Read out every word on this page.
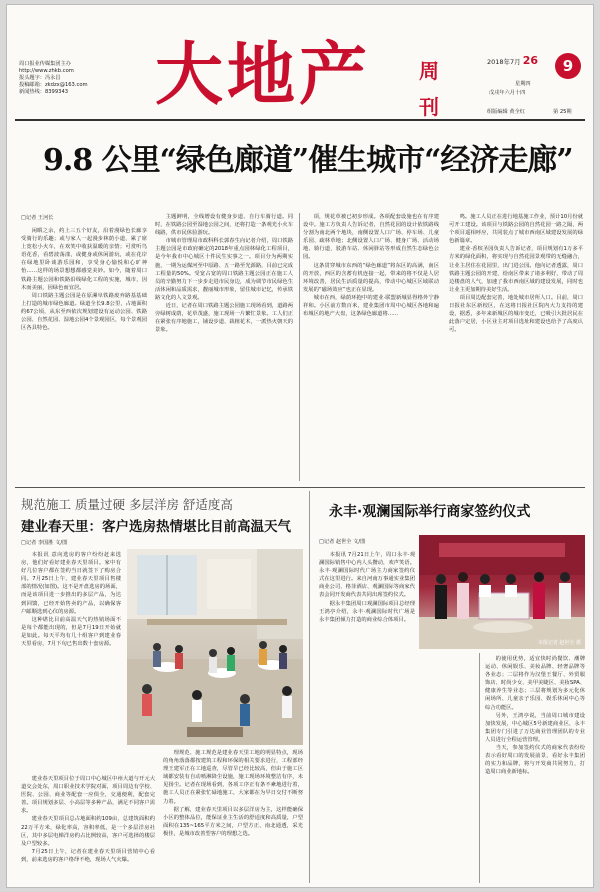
周口报业传媒集团主办
http://www.zhkb.com
报头题字：冯永昌
投稿邮箱：zkdzx@163.com
新闻热线：8399343	大地产 周
刊
2018年7月 26	9
星期四
戊戌年六月十四
组版编辑 黄全红	第 25期
9.8 公里“绿色廊道”催生城市“经济走廊”
□记者 王河长

闲暇之余，约上三五个好友，沿着漫绿色长廊享受骑行的乐趣；或与家人一起漫步林荫小道，累了席上宽松小火车，在欢笑中收获温暖的亲情；可赏听鸟语花香，看碧波荡漾，或健身或休闲游玩，或在花岸在绿地里卧谈游乐园和，享受身心愉悦和心旷神怡……这样的场景想想都感觉美妙。如今，随着周口铁路主题公园和铁路沿线绿化工程的实施，城市，因木而美丽，因绿色而宜居。

周口铁路主题公园是在原漯阜铁路废弃路基基础上打造的城市绿色廊道。绿道全长9.8公里，占地面积约67公顷，从东至西依次规划建设有运动公园、铁路公园、自然花园、湿地公园4个景观园区，每个景观园区各具特色。

主题鲜明，全线增设有健身步道、自行车骑行道。同时，在铁路公园至湿地公园之间，还将打造一条观光小火车线路，供市民休验游玩。

市城市管理局市政科科长郭春生向记者介绍，周口铁路主题公园是市政府确定的2018年重点园林绿化工程项目，是今年我市中心城区十件民生实事之一。项目分为两期实施，一期为运煤河至中原路、五一路至光源路，目前已完成工程量的50%。受宽占宽的周口铁路主题公园正在施工人员的辛勤努力下一步步走进市民身边，成为调节市民绿色生活休闲和品质需求，靓丽城市形象，留住城市记忆，传承铁路文化的人文景观。

近日，记者在周口铁路主题公园施工现场看到，道路两旁绿树成荫，花草茂盛，施工现场一片繁忙景象。工人们正在紧张有序地施工，铺设步道、栽植花木，一派热火朝天的景象。

项，规花草被已初步形成。各项配套设施也在有序建设中。施工方负责人告诉记者，自然花园的设计依铁路线分割为南北两个地块，南侧设置人口广场、停车场、儿童乐园、疏林草地；北侧设置人口广场、健身广场、活动场地、骑行道，驳游车站、休闲驿站等形成自然生态绿色公园。

这条贯穿城市东西的“绿色廊道”将东区的高满，南区的开放，西区的含蓄有机连接一起，带来的将不仅是人居环境改善，居民生活质量的提高，带动中心城区区域联动发展的“磁场效应”也正在显现。

城市在西，绿荫环抱中的建业·联盟新城显得格外宁静祥和。小区前方数百米，建业集团市周中心城区各地和遍布城区的地产大盘，这条绿色廊道将……

鸣。施工人员正在进行地基施工作业，预计10月份就可开工建设。该项目与铁路公园的自然花园一路之隔，两个项目遥相呼应，共同装点了城市西南区域建设发展的绿色新篇章。

建业·香槟圣园负责人告诉记者，项目规划有1万多平方米的绿化面积，将实现与自然花园景观带的无缝融合，让业主居住在花园里，出门进公园。他向记者透露，周口铁路主题公园的开建，给南区带来了诸多利好，带动了周边楼盘的人气，加速了我市西南区域的建设发展，同时也让业主更加期待美好生活。

项目周边配套完善，地处城市居所人口。目前，周口日报社东区新校区，在这将日报社区院内大力支持的建设，据悉，多年来新城区的城市变迁，已吸引大批居民在此落户定居，小区业主对项目选址和建设也给予了高度认可。

规范施工 质量过硬 多层洋房 舒适度高
建业春天里：客户选房热情堪比目前高温天气
□记者 李国胜 文/图

本报讯 意向选房的客户纷纷赶来选房，他们好看好建业春天里项目。家中有好几位客户都在签约当日就签下了购房合同。7月25日上午，建业春天里项目售楼部的情况(如图)。这不是开盘选房的场面，而是该项目进一步推出的多层产品，为达到回馈，已经开始售卖的产品，以确保客户邮顺选到心仪的房源。

这种堪比目前高温天气的热销场面不是每个都能出现的，但是7月19日开始就是如此。每天平均有几十组客户到建业春天里看房，7月下旬已售出数十套房源。

建业春天里项目位于周口中心城区中州大道与开元大道交会处东，周口职业技术学院对面，项目周边有学校、医院、公园、商业等配套一应俱全，交通便利，配套完善。项目规划多层、小高层等多种产品，满足不同客户需求。

建业春天里项目总占地面积约109亩，总建筑面积约22万平方米，绿化率高，容积率低，是一个多层洋房社区，其中多层电梯洋房约占比例较高，客户可选择的楼层及户型较多。

7月25日上午，记者在建业春天里项目营销中心看到，前来选房的客户络绎不绝，现场人气火爆。

理规范、施工规范是建业春天里工地的明显特点，现场的角角落落都按建筑工程和环保的相关要求进行，工程部经理王建军正在工地巡查，尽管旱已经比较高，但由于施工区域都安装有自动喷淋降尘设施，施工现场环境整洁有序，未见扬尘。记者在现场看到，各项工序正有条不紊地进行着，施工人员正在紧张忙碌地施工，大家都在为早日交付不断努力着。

据了解，建业春天里项目以多层洋房为主，这样能确保小区的整体品位，能保证业主生活的舒适度和高质量，户型面积在135~165平方米之间，户型方正，南北通透，采光极佳，是城市改善型客户的理想之选。

永丰·观澜国际举行商家签约仪式
□记者 赵世全 文/图

本报讯 7月21日上午，周口永丰·观澜国际销售中心内人头攒动，欢声笑语。永丰·观澜国际时代广场主力商家签约仪式在这里进行。来自河南万事通实业集团商业公司、格菲酒店、观澜国际等商家代表会同开发商代表共同出席签约仪式。

据永丰集团周口观澜国际项目总经理王鸿亭介绍，永丰·观澜国际时代广场是永丰集团倾力打造的商业综合体项目。

本报记者 赵世全 摄

的使用优势，适宜快时尚餐饮、潮牌运动、休闲娱乐、美妆品牌、轻奢品牌等各业态；二层将作为汉堡王餐厅、外贸服饰店、时尚少女、美甲美睫区、美妆SPA、健康养生等业态；三层将规划为多元化休闲场所、儿童亲子乐园、娱乐休闲中心等综合功能区。

另外，王鸿亭说，当前周口城市建设加快发展，中心城区5号新建商业区，永丰集团专门引进了万达商业管理团队的专业人员进行全程运营管理。

当天，参加签约仪式的商家代表纷纷表示看好周口的发展前景，看好永丰集团的实力和品牌，将与开发商共同努力，打造周口商业新地标。
